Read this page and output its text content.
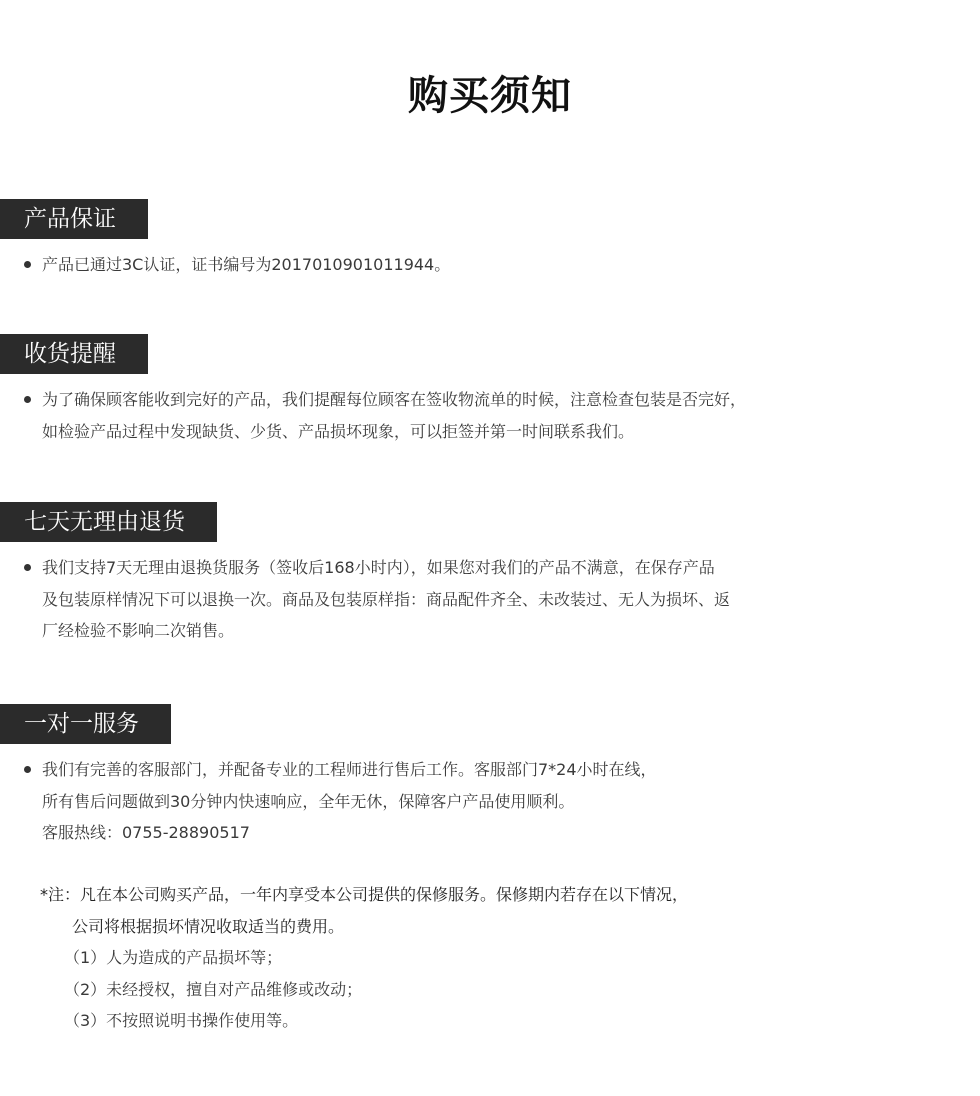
购买须知
产品保证
产品已通过3C认证，证书编号为2017010901011944。
收货提醒
为了确保顾客能收到完好的产品，我们提醒每位顾客在签收物流单的时候，注意检查包装是否完好，
如检验产品过程中发现缺货、少货、产品损坏现象，可以拒签并第一时间联系我们。
七天无理由退货
我们支持7天无理由退换货服务（签收后168小时内），如果您对我们的产品不满意，在保存产品
及包装原样情况下可以退换一次。商品及包装原样指：商品配件齐全、未改装过、无人为损坏、返
厂经检验不影响二次销售。
一对一服务
我们有完善的客服部门，并配备专业的工程师进行售后工作。客服部门7*24小时在线，
所有售后问题做到30分钟内快速响应，全年无休，保障客户产品使用顺利。
客服热线：0755-28890517
*注：凡在本公司购买产品，一年内享受本公司提供的保修服务。保修期内若存在以下情况，
公司将根据损坏情况收取适当的费用。
（1）人为造成的产品损坏等；
（2）未经授权，擅自对产品维修或改动；
（3）不按照说明书操作使用等。
